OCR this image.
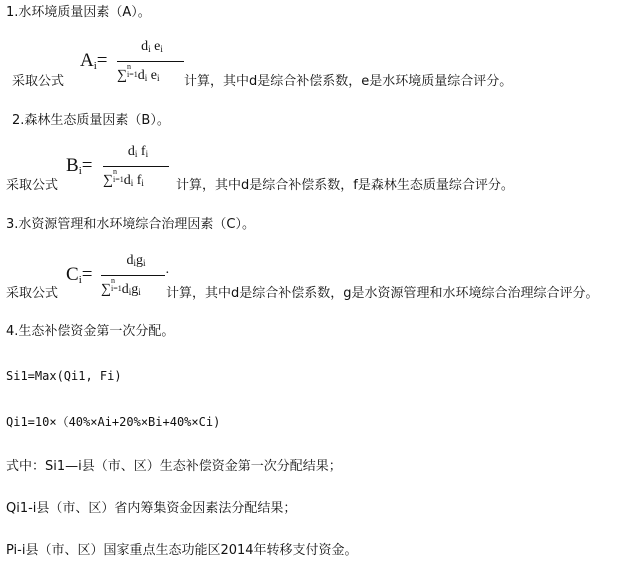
1.水环境质量因素（A）。
采取公式
$A_i=$
$d_i$ $e_i$
∑n
$i=1d_i$ $e_i$ 计算，其中d是综合补偿系数，e是水环境质量综合评分。
2.森林生态质量因素（B）。
采取公式
$B_i=$
$d_i$ $f_i$
∑n
$i=1d_i$ $f_i$ 计算，其中d是综合补偿系数，f是森林生态质量综合评分。
3.水资源管理和水环境综合治理因素（C）。
采取公式
$C_i=$
$d_ig_i$
·
∑n
$i=1d_ig_i$ 计算，其中d是综合补偿系数，g是水资源管理和水环境综合治理综合评分。
4.生态补偿资金第一次分配。
Si1=Max(Qi1, Fi)
Qi1=10×（40%×Ai+20%×Bi+40%×Ci)
式中：Si1—i县（市、区）生态补偿资金第一次分配结果；
Qi1-i县（市、区）省内筹集资金因素法分配结果；
Pi-i县（市、区）国家重点生态功能区2014年转移支付资金。
